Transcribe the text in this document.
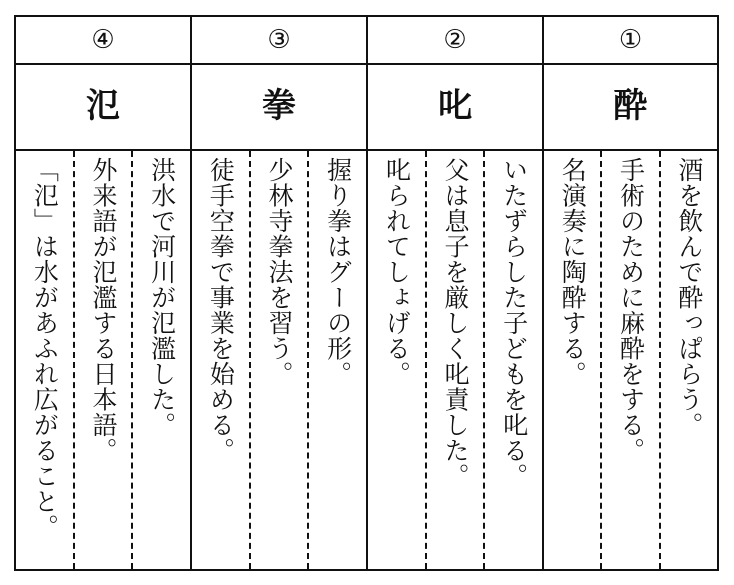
④
氾
洪水で河川が氾濫した。
外来語が氾濫する日本語。
「氾」は水があふれ広がること。
③
拳
握り拳はグーの形。
少林寺拳法を習う。
徒手空拳で事業を始める。
②
叱
いたずらした子どもを叱る。
父は息子を厳しく叱責した。
叱られてしょげる。
①
酔
酒を飲んで酔っぱらう。
手術のために麻酔をする。
名演奏に陶酔する。
